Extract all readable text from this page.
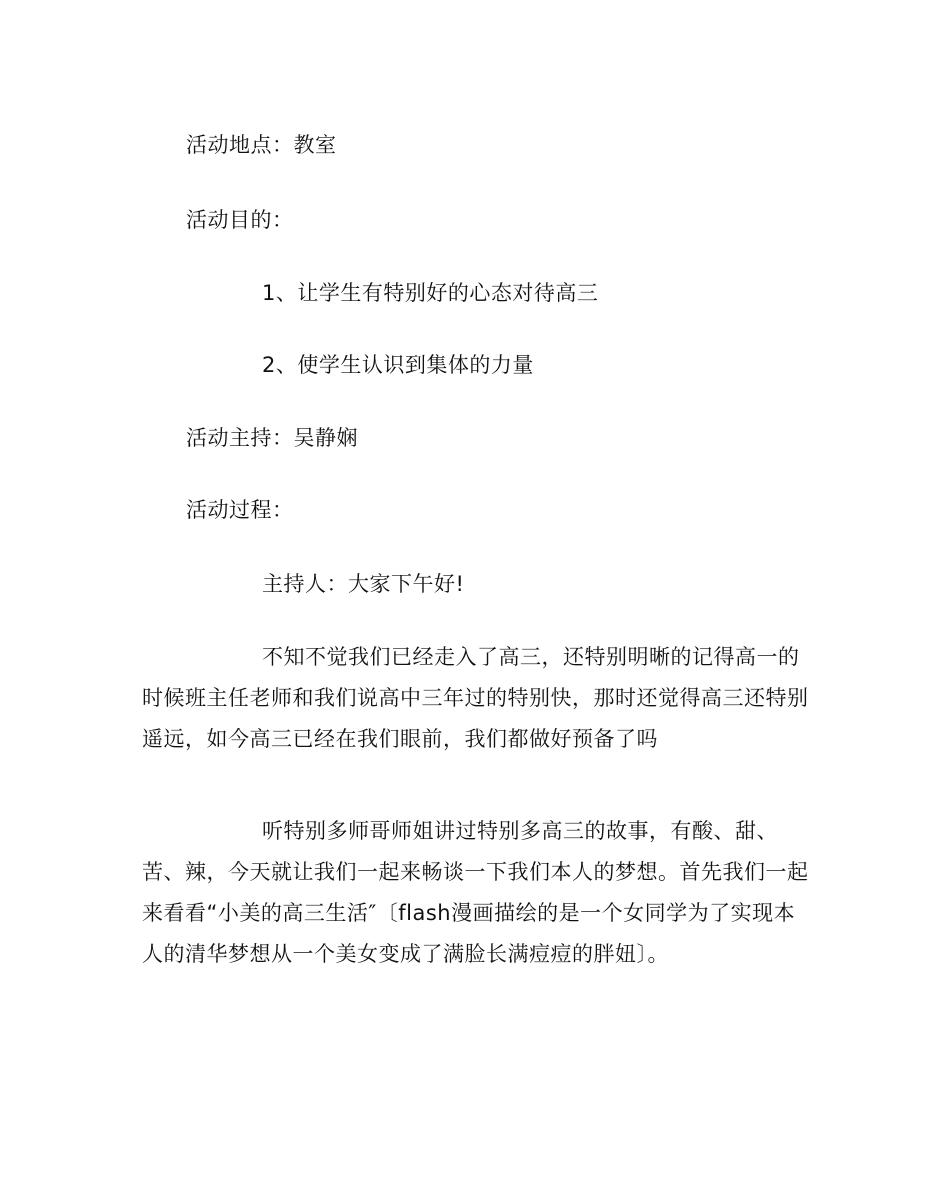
活动地点：教室
活动目的：
1、让学生有特别好的心态对待高三
2、使学生认识到集体的力量
活动主持：吴静娴
活动过程：
主持人：大家下午好!
不知不觉我们已经走入了高三，还特别明晰的记得高一的时候班主任老师和我们说高中三年过的特别快，那时还觉得高三还特别遥远，如今高三已经在我们眼前，我们都做好预备了吗
听特别多师哥师姐讲过特别多高三的故事，有酸、甜、苦、辣，今天就让我们一起来畅谈一下我们本人的梦想。首先我们一起来看看“小美的高三生活″〔flash漫画描绘的是一个女同学为了实现本人的清华梦想从一个美女变成了满脸长满痘痘的胖妞〕。
